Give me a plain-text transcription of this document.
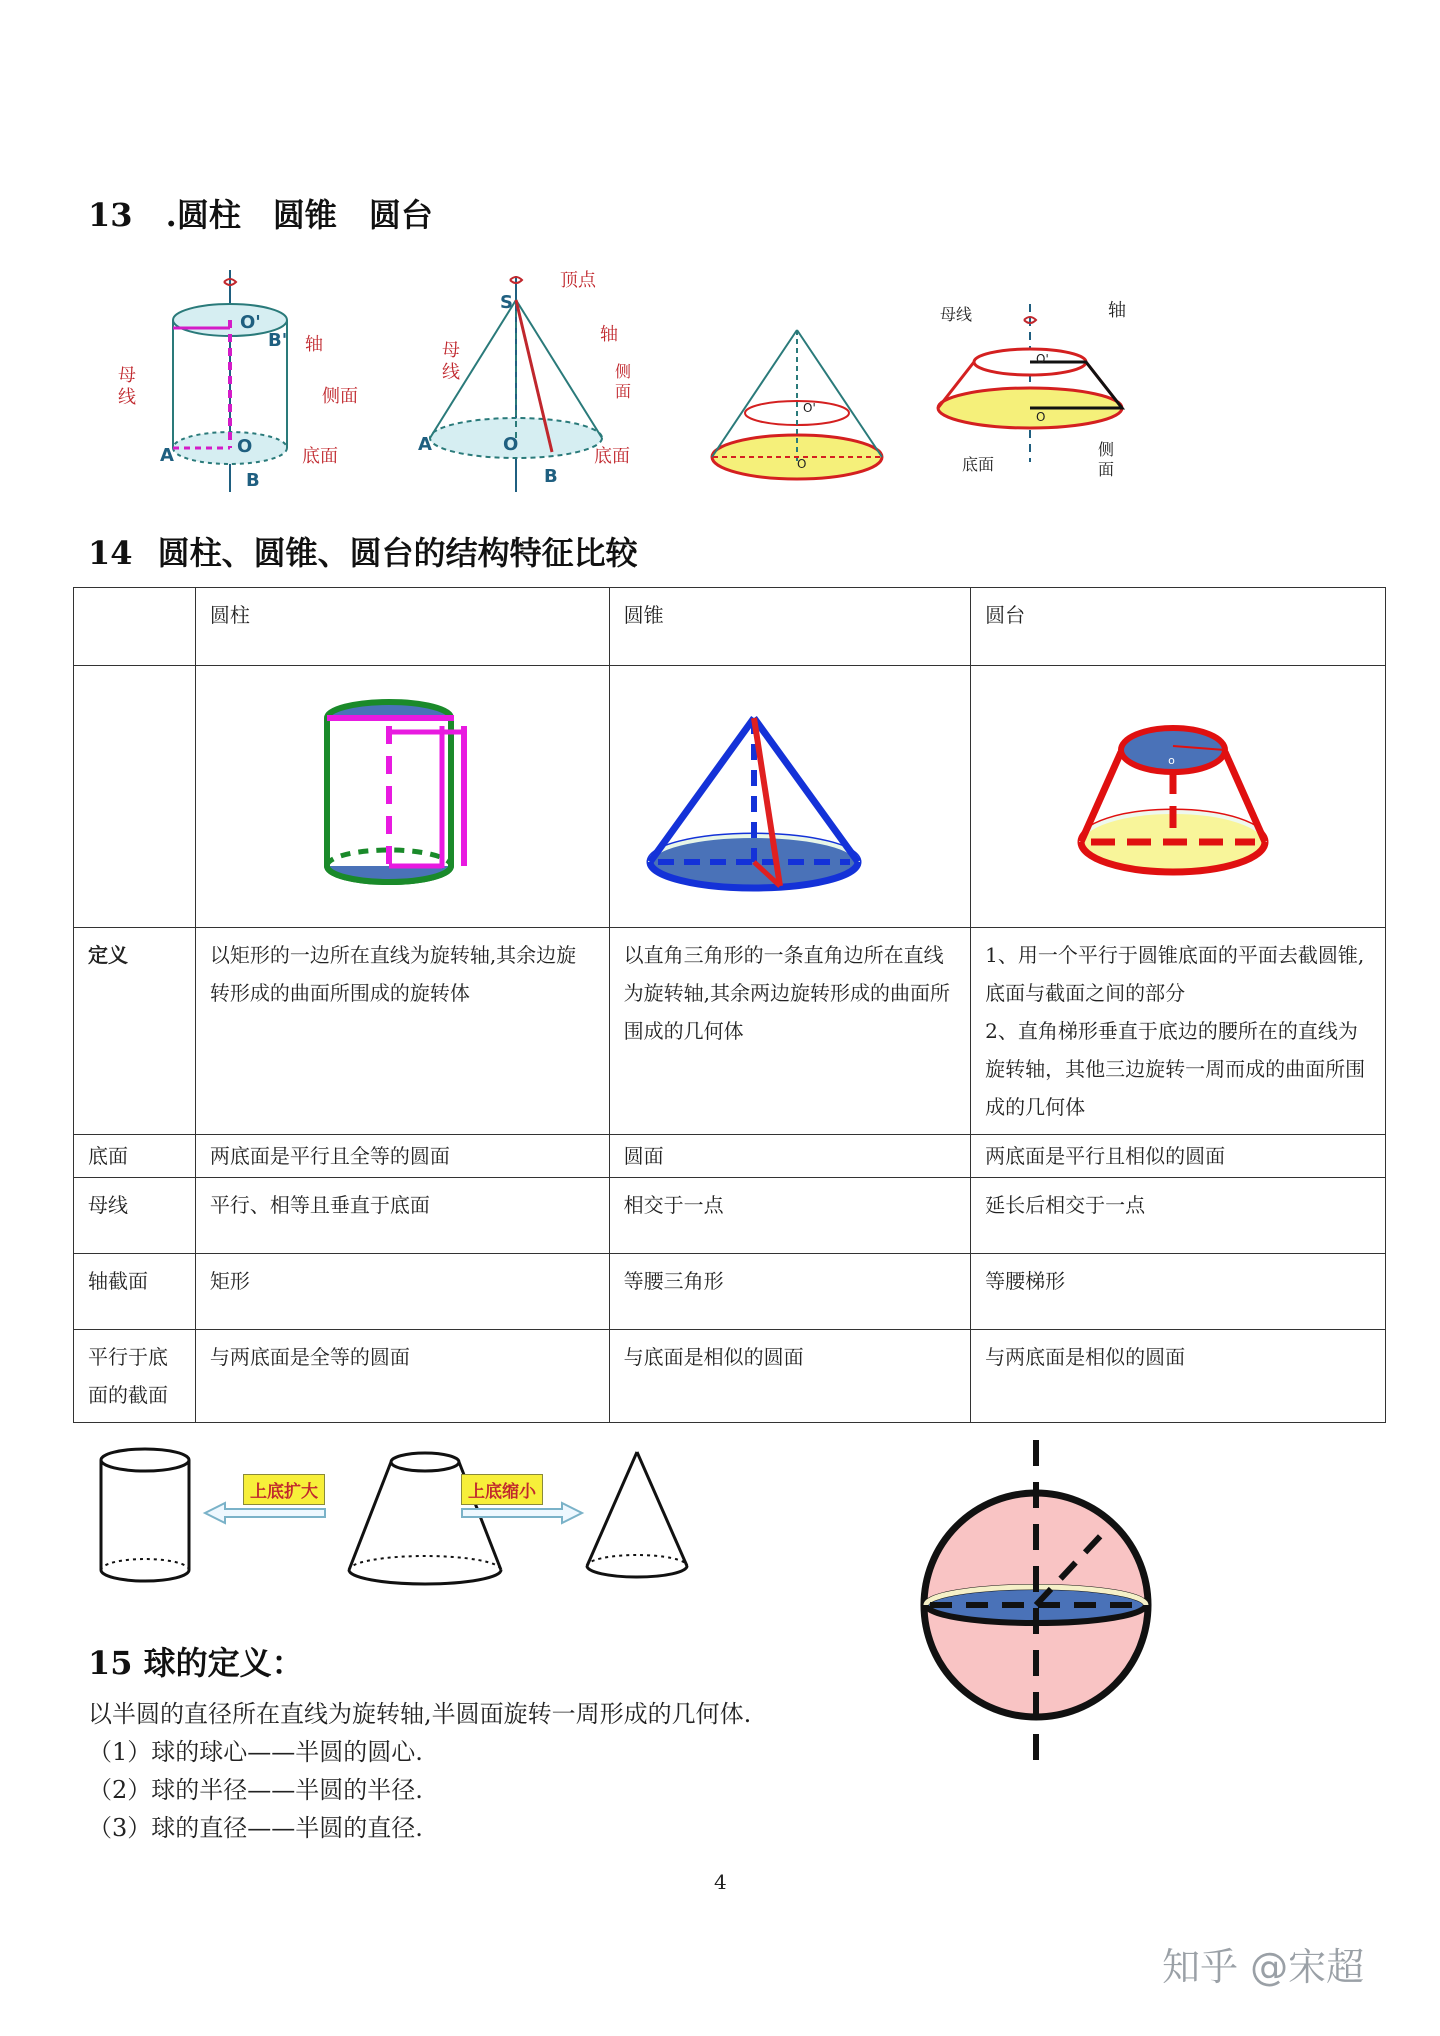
13 .圆柱　圆锥　圆台
O'
B' 轴
母
线	侧面
A	O	底面
B
顶点
S
轴
母
线	侧
面
A	O
底面
B
O'
O
母线	轴
O'
O
底面
侧
面
14 圆柱、圆锥、圆台的结构特征比较
	圆柱	圆锥	圆台

o

定义	以矩形的一边所在直线为旋转轴,其余边旋转形成的曲面所围成的旋转体	以直角三角形的一条直角边所在直线为旋转轴,其余两边旋转形成的曲面所围成的几何体	1、用一个平行于圆锥底面的平面去截圆锥,底面与截面之间的部分
2、直角梯形垂直于底边的腰所在的直线为旋转轴，其他三边旋转一周而成的曲面所围成的几何体

底面	两底面是平行且全等的圆面	圆面	两底面是平行且相似的圆面
母线	平行、相等且垂直于底面	相交于一点	延长后相交于一点
轴截面	矩形	等腰三角形	等腰梯形
平行于底面的截面	与两底面是全等的圆面	与底面是相似的圆面	与两底面是相似的圆面
上底扩大	上底缩小
15 球的定义：
以半圆的直径所在直线为旋转轴,半圆面旋转一周形成的几何体.
（1）球的球心——半圆的圆心.
（2）球的半径——半圆的半径.
（3）球的直径——半圆的直径.
4
知乎 @宋超
